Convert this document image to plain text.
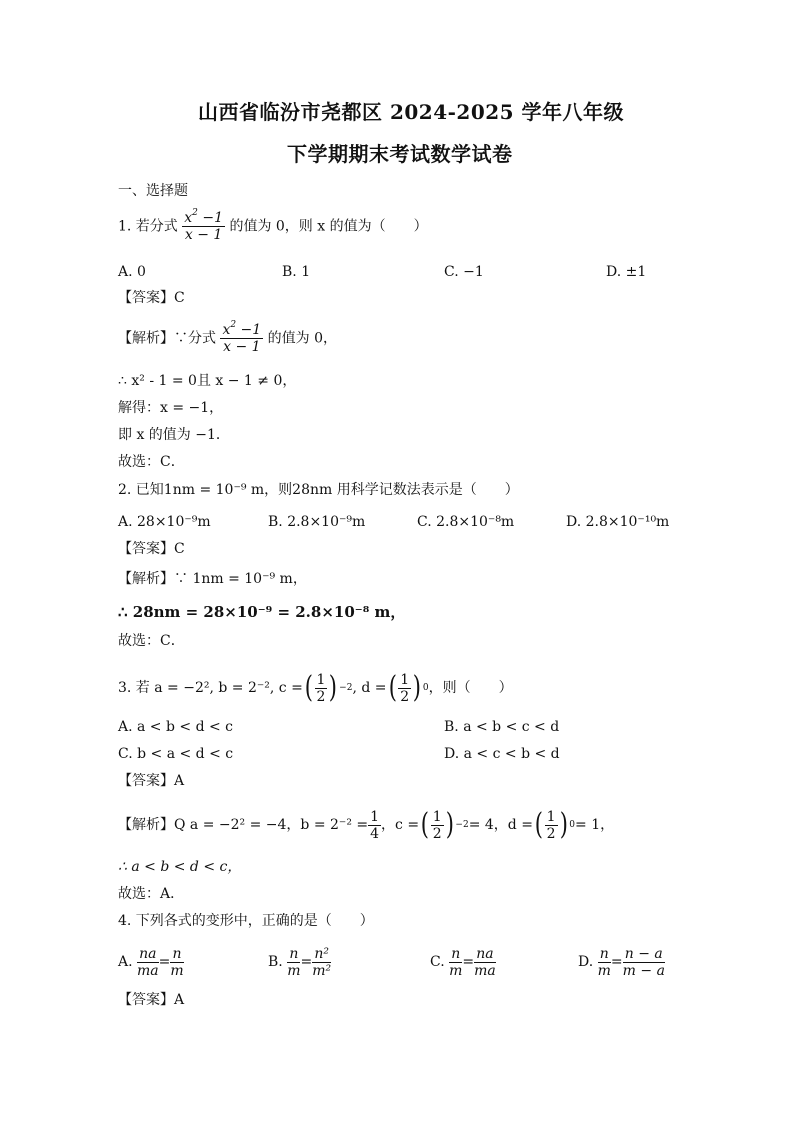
山西省临汾市尧都区 2024-2025 学年八年级
下学期期末考试数学试卷
一、选择题
1. 若分式 $\frac{x^2 -1}{x - 1}$ 的值为 0，则 x 的值为（　　）
A. 0	B. 1	C. −1	D. ±1
【答案】C
【解析】∵分式 $\frac{x^2 -1}{x - 1}$ 的值为 0，
∴ x² - 1 = 0且 x − 1 ≠ 0，
解得：x = −1，
即 x 的值为 −1．
故选：C．
2. 已知1nm = 10⁻⁹ m，则28nm 用科学记数法表示是（　　）
A. 28×10⁻⁹m	B. 2.8×10⁻⁹m	C. 2.8×10⁻⁸m	D. 2.8×10⁻¹⁰m
【答案】C
【解析】∵ 1nm = 10⁻⁹ m，
∴ 28nm = 28×10⁻⁹ = 2.8×10⁻⁸ m，
故选：C．
3. 若 a = −2², b = 2⁻², c = ( $\frac{1}{2}$ ) −2 , d = ( $\frac{1}{2}$ ) 0 ，则（　　）
A. a < b < d < c	B. a < b < c < d
C. b < a < d < c	D. a < c < b < d
【答案】A
【解析】Q a = −2² = −4，$b = 2^{-2} = \frac{1}{4}$ ，c = ( $\frac{1}{2}$ ) −2 = 4，d = ( $\frac{1}{2}$ ) 0 = 1，
∴ a < b < d < c，
故选：A．
4. 下列各式的变形中，正确的是（　　）
A.
$\frac{na}{ma} = \frac{n}{m}$	B.
$\frac{n}{m} = \frac{\text{n²}}{\text{m²}}$	C.
$\frac{n}{m} = \frac{na}{ma}$	D.
$\frac{n}{m} = \frac{n - a}{m - a}$
【答案】A
